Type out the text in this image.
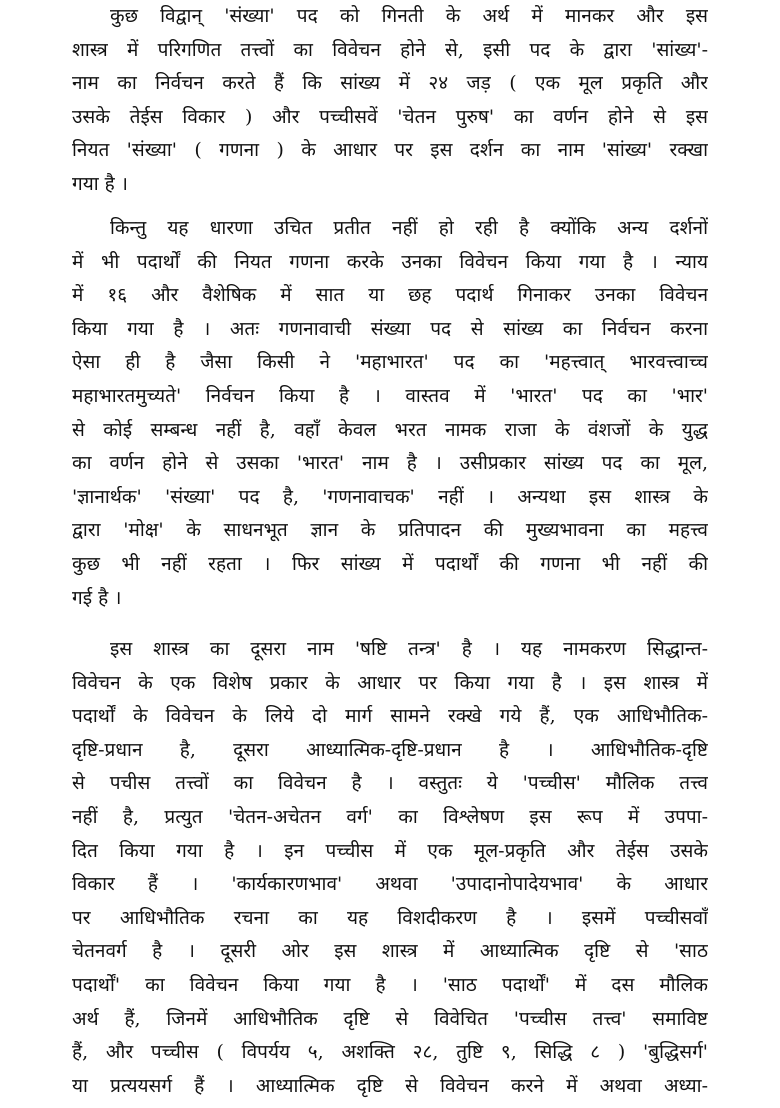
कुछ विद्वान् 'संख्या' पद को गिनती के अर्थ में मानकर और इस
शास्त्र में परिगणित तत्त्वों का विवेचन होने से, इसी पद के द्वारा 'सांख्य'-
नाम का निर्वचन करते हैं कि सांख्य में २४ जड़ ( एक मूल प्रकृति और
उसके तेईस विकार ) और पच्चीसवें 'चेतन पुरुष' का वर्णन होने से इस
नियत 'संख्या' ( गणना ) के आधार पर इस दर्शन का नाम 'सांख्य' रक्खा
गया है ।
किन्तु यह धारणा उचित प्रतीत नहीं हो रही है क्योंकि अन्य दर्शनों
में भी पदार्थों की नियत गणना करके उनका विवेचन किया गया है । न्याय
में १६ और वैशेषिक में सात या छह पदार्थ गिनाकर उनका विवेचन
किया गया है । अतः गणनावाची संख्या पद से सांख्य का निर्वचन करना
ऐसा ही है जैसा किसी ने 'महाभारत' पद का 'महत्त्वात् भारवत्त्वाच्च
महाभारतमुच्यते' निर्वचन किया है । वास्तव में 'भारत' पद का 'भार'
से कोई सम्बन्ध नहीं है, वहाँ केवल भरत नामक राजा के वंशजों के युद्ध
का वर्णन होने से उसका 'भारत' नाम है । उसीप्रकार सांख्य पद का मूल,
'ज्ञानार्थक' 'संख्या' पद है, 'गणनावाचक' नहीं । अन्यथा इस शास्त्र के
द्वारा 'मोक्ष' के साधनभूत ज्ञान के प्रतिपादन की मुख्यभावना का महत्त्व
कुछ भी नहीं रहता । फिर सांख्य में पदार्थों की गणना भी नहीं की
गई है ।
इस शास्त्र का दूसरा नाम 'षष्टि तन्त्र' है । यह नामकरण सिद्धान्त-
विवेचन के एक विशेष प्रकार के आधार पर किया गया है । इस शास्त्र में
पदार्थों के विवेचन के लिये दो मार्ग सामने रक्खे गये हैं, एक आधिभौतिक-
दृष्टि-प्रधान है, दूसरा आध्यात्मिक-दृष्टि-प्रधान है । आधिभौतिक-दृष्टि
से पचीस तत्त्वों का विवेचन है । वस्तुतः ये 'पच्चीस' मौलिक तत्त्व
नहीं है, प्रत्युत 'चेतन-अचेतन वर्ग' का विश्लेषण इस रूप में उपपा-
दित किया गया है । इन पच्चीस में एक मूल-प्रकृति और तेईस उसके
विकार हैं । 'कार्यकारणभाव' अथवा 'उपादानोपादेयभाव' के आधार
पर आधिभौतिक रचना का यह विशदीकरण है । इसमें पच्चीसवाँ
चेतनवर्ग है । दूसरी ओर इस शास्त्र में आध्यात्मिक दृष्टि से 'साठ
पदार्थों' का विवेचन किया गया है । 'साठ पदार्थों' में दस मौलिक
अर्थ हैं, जिनमें आधिभौतिक दृष्टि से विवेचित 'पच्चीस तत्त्व' समाविष्ट
हैं, और पच्चीस ( विपर्यय ५, अशक्ति २८, तुष्टि ९, सिद्धि ८ ) 'बुद्धिसर्ग'
या प्रत्ययसर्ग हैं । आध्यात्मिक दृष्टि से विवेचन करने में अथवा अध्या-
